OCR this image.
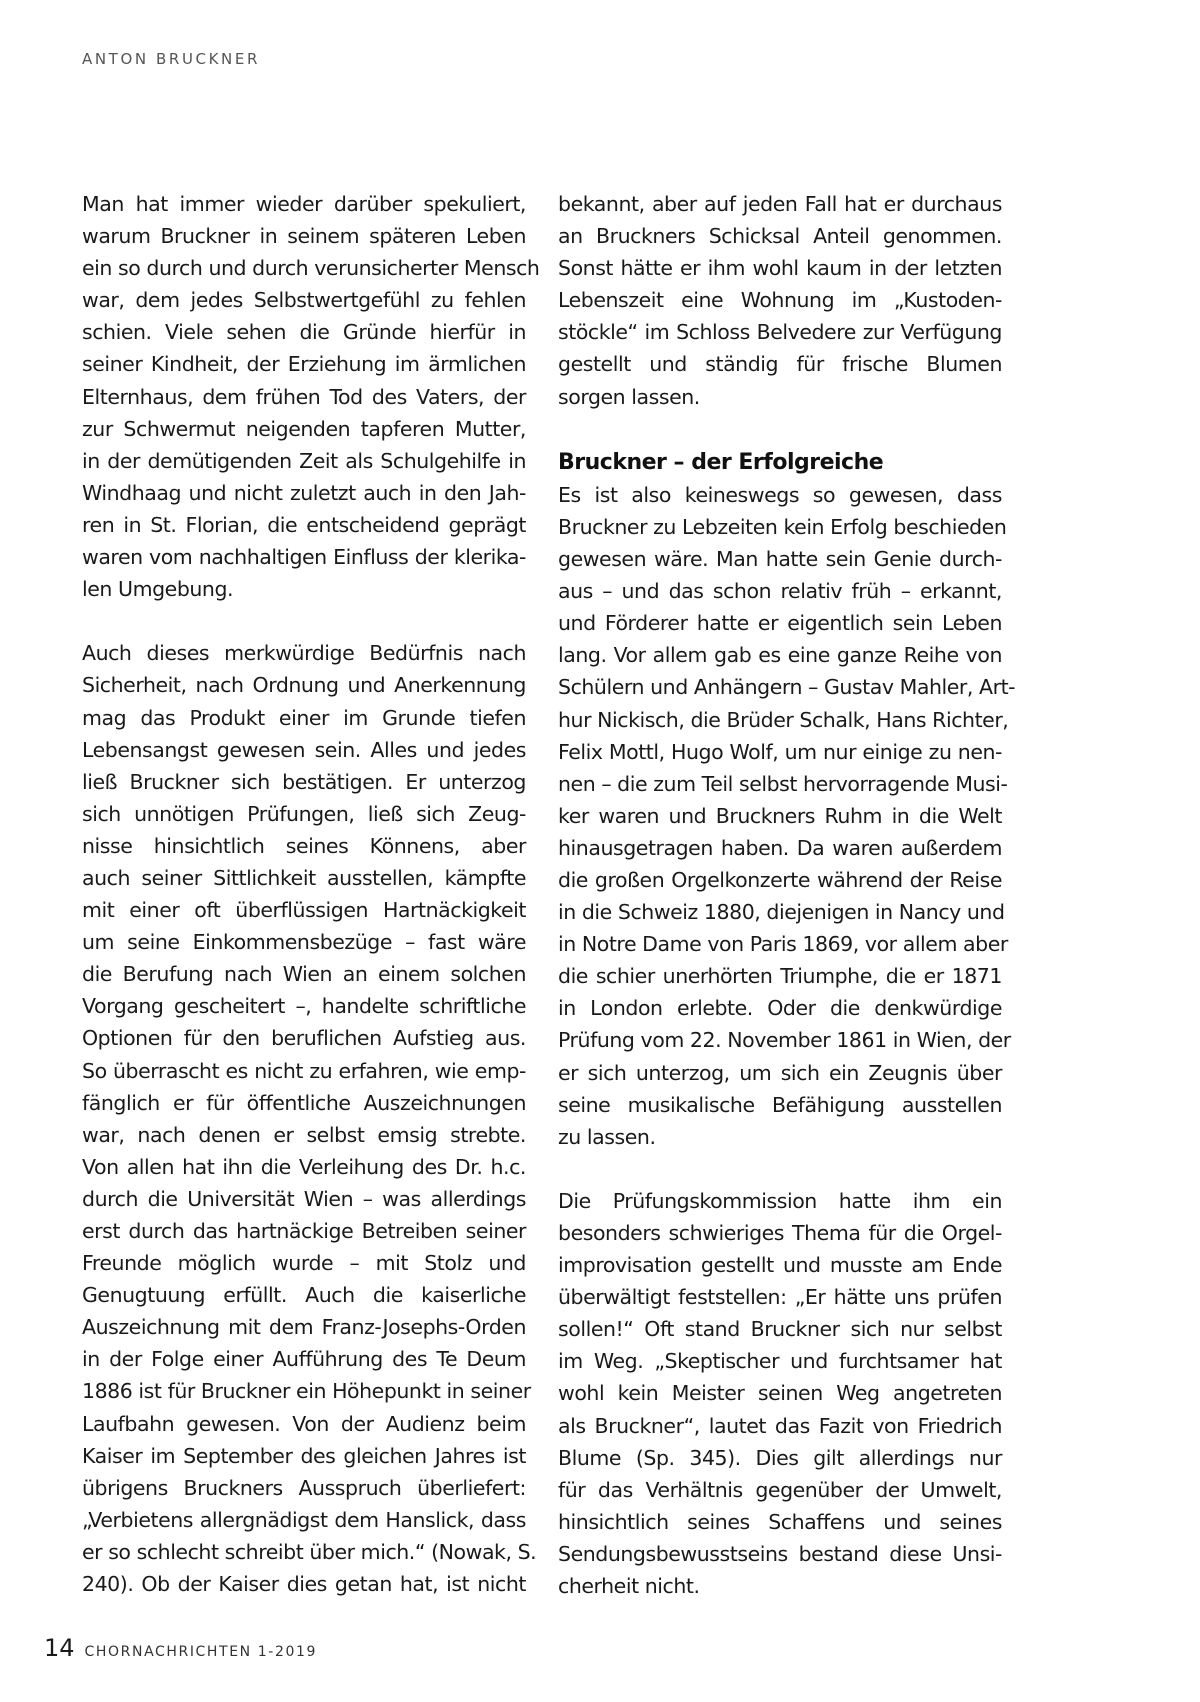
ANTON BRUCKNER
Man hat immer wieder darüber spekuliert,
warum Bruckner in seinem späteren Leben
ein so durch und durch verunsicherter Mensch
war, dem jedes Selbstwertgefühl zu fehlen
schien. Viele sehen die Gründe hierfür in
seiner Kindheit, der Erziehung im ärmlichen
Elternhaus, dem frühen Tod des Vaters, der
zur Schwermut neigenden tapferen Mutter,
in der demütigenden Zeit als Schulgehilfe in
Windhaag und nicht zuletzt auch in den Jah-
ren in St. Florian, die entscheidend geprägt
waren vom nachhaltigen Einfluss der klerika-
len Umgebung.
Auch dieses merkwürdige Bedürfnis nach
Sicherheit, nach Ordnung und Anerkennung
mag das Produkt einer im Grunde tiefen
Lebensangst gewesen sein. Alles und jedes
ließ Bruckner sich bestätigen. Er unterzog
sich unnötigen Prüfungen, ließ sich Zeug-
nisse hinsichtlich seines Könnens, aber
auch seiner Sittlichkeit ausstellen, kämpfte
mit einer oft überflüssigen Hartnäckigkeit
um seine Einkommensbezüge – fast wäre
die Berufung nach Wien an einem solchen
Vorgang gescheitert –, handelte schriftliche
Optionen für den beruflichen Aufstieg aus.
So überrascht es nicht zu erfahren, wie emp-
fänglich er für öffentliche Auszeichnungen
war, nach denen er selbst emsig strebte.
Von allen hat ihn die Verleihung des Dr. h.c.
durch die Universität Wien – was allerdings
erst durch das hartnäckige Betreiben seiner
Freunde möglich wurde – mit Stolz und
Genugtuung erfüllt. Auch die kaiserliche
Auszeichnung mit dem Franz-Josephs-Orden
in der Folge einer Aufführung des Te Deum
1886 ist für Bruckner ein Höhepunkt in seiner
Laufbahn gewesen. Von der Audienz beim
Kaiser im September des gleichen Jahres ist
übrigens Bruckners Ausspruch überliefert:
„Verbietens allergnädigst dem Hanslick, dass
er so schlecht schreibt über mich.“ (Nowak, S.
240). Ob der Kaiser dies getan hat, ist nicht
bekannt, aber auf jeden Fall hat er durchaus
an Bruckners Schicksal Anteil genommen.
Sonst hätte er ihm wohl kaum in der letzten
Lebenszeit eine Wohnung im „Kustoden-
stöckle“ im Schloss Belvedere zur Verfügung
gestellt und ständig für frische Blumen
sorgen lassen.
Bruckner – der Erfolgreiche
Es ist also keineswegs so gewesen, dass
Bruckner zu Lebzeiten kein Erfolg beschieden
gewesen wäre. Man hatte sein Genie durch-
aus – und das schon relativ früh – erkannt,
und Förderer hatte er eigentlich sein Leben
lang. Vor allem gab es eine ganze Reihe von
Schülern und Anhängern – Gustav Mahler, Art-
hur Nickisch, die Brüder Schalk, Hans Richter,
Felix Mottl, Hugo Wolf, um nur einige zu nen-
nen – die zum Teil selbst hervorragende Musi-
ker waren und Bruckners Ruhm in die Welt
hinausgetragen haben. Da waren außerdem
die großen Orgelkonzerte während der Reise
in die Schweiz 1880, diejenigen in Nancy und
in Notre Dame von Paris 1869, vor allem aber
die schier unerhörten Triumphe, die er 1871
in London erlebte. Oder die denkwürdige
Prüfung vom 22. November 1861 in Wien, der
er sich unterzog, um sich ein Zeugnis über
seine musikalische Befähigung ausstellen
zu lassen.
Die Prüfungskommission hatte ihm ein
besonders schwieriges Thema für die Orgel-
improvisation gestellt und musste am Ende
überwältigt feststellen: „Er hätte uns prüfen
sollen!“ Oft stand Bruckner sich nur selbst
im Weg. „Skeptischer und furchtsamer hat
wohl kein Meister seinen Weg angetreten
als Bruckner“, lautet das Fazit von Friedrich
Blume (Sp. 345). Dies gilt allerdings nur
für das Verhältnis gegenüber der Umwelt,
hinsichtlich seines Schaffens und seines
Sendungsbewusstseins bestand diese Unsi-
cherheit nicht.
14 CHORNACHRICHTEN 1-2019
